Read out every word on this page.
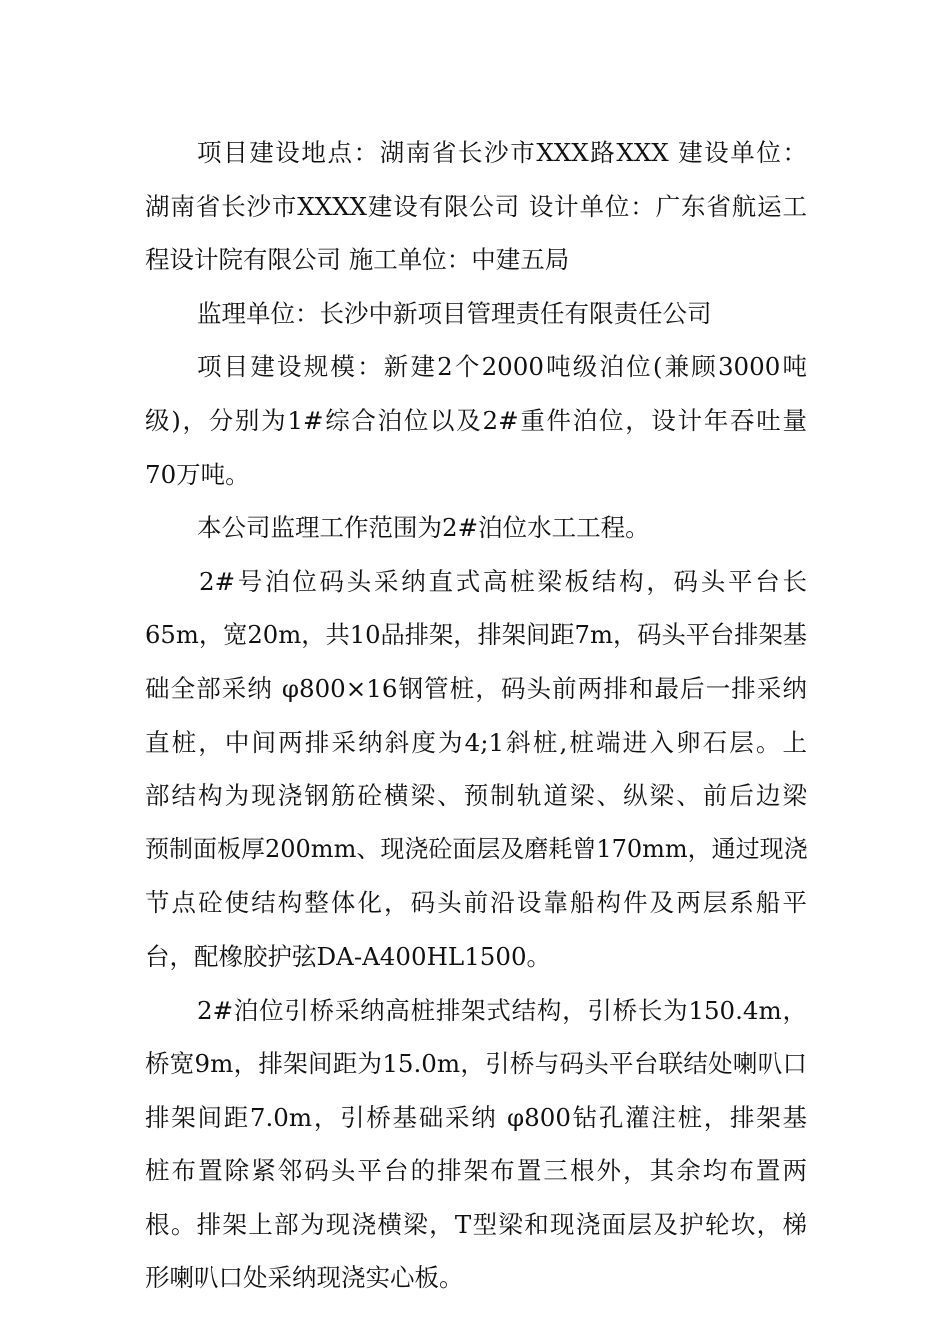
项目建设地点：湖南省长沙市XXX路XXX 建设单位：
湖南省长沙市XXXX建设有限公司 设计单位：广东省航运工
程设计院有限公司 施工单位：中建五局
监理单位：长沙中新项目管理责任有限责任公司
项目建设规模：新建2个2000吨级泊位(兼顾3000吨
级)，分别为1#综合泊位以及2#重件泊位，设计年吞吐量
70万吨。
本公司监理工作范围为2#泊位水工工程。
2#号泊位码头采纳直式高桩梁板结构，码头平台长
65m，宽20m，共10品排架，排架间距7m，码头平台排架基
础全部采纳 φ800×16钢管桩，码头前两排和最后一排采纳
直桩，中间两排采纳斜度为4;1斜桩,桩端进入卵石层。上
部结构为现浇钢筋砼横梁、预制轨道梁、纵梁、前后边梁
预制面板厚200mm、现浇砼面层及磨耗曾170mm，通过现浇
节点砼使结构整体化，码头前沿设靠船构件及两层系船平
台，配橡胶护弦DA-A400HL1500。
2#泊位引桥采纳高桩排架式结构，引桥长为150.4m，
桥宽9m，排架间距为15.0m，引桥与码头平台联结处喇叭口
排架间距7.0m，引桥基础采纳 φ800钻孔灌注桩，排架基
桩布置除紧邻码头平台的排架布置三根外，其余均布置两
根。排架上部为现浇横梁，T型梁和现浇面层及护轮坎，梯
形喇叭口处采纳现浇实心板。
